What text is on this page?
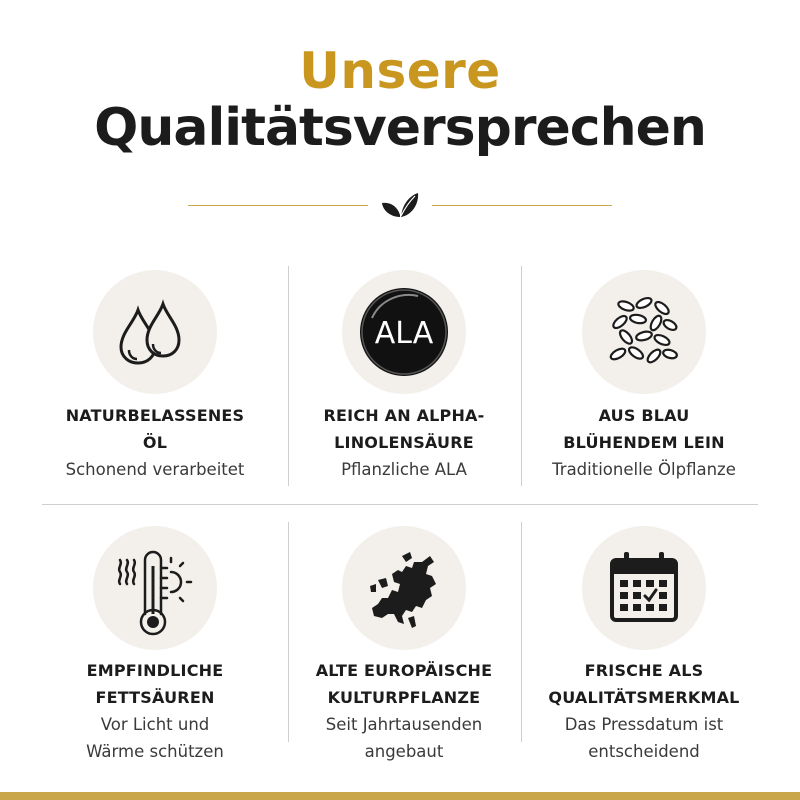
Unsere
Qualitätsversprechen
NATURBELASSENES
ÖL
Schonend verarbeitet
ALA
REICH AN ALPHA-
LINOLENSÄURE
Pflanzliche ALA
AUS BLAU
BLÜHENDEM LEIN
Traditionelle Ölpflanze
EMPFINDLICHE
FETTSÄUREN
Vor Licht und
Wärme schützen
ALTE EUROPÄISCHE
KULTURPFLANZE
Seit Jahrtausenden
angebaut
FRISCHE ALS
QUALITÄTSMERKMAL
Das Pressdatum ist
entscheidend
